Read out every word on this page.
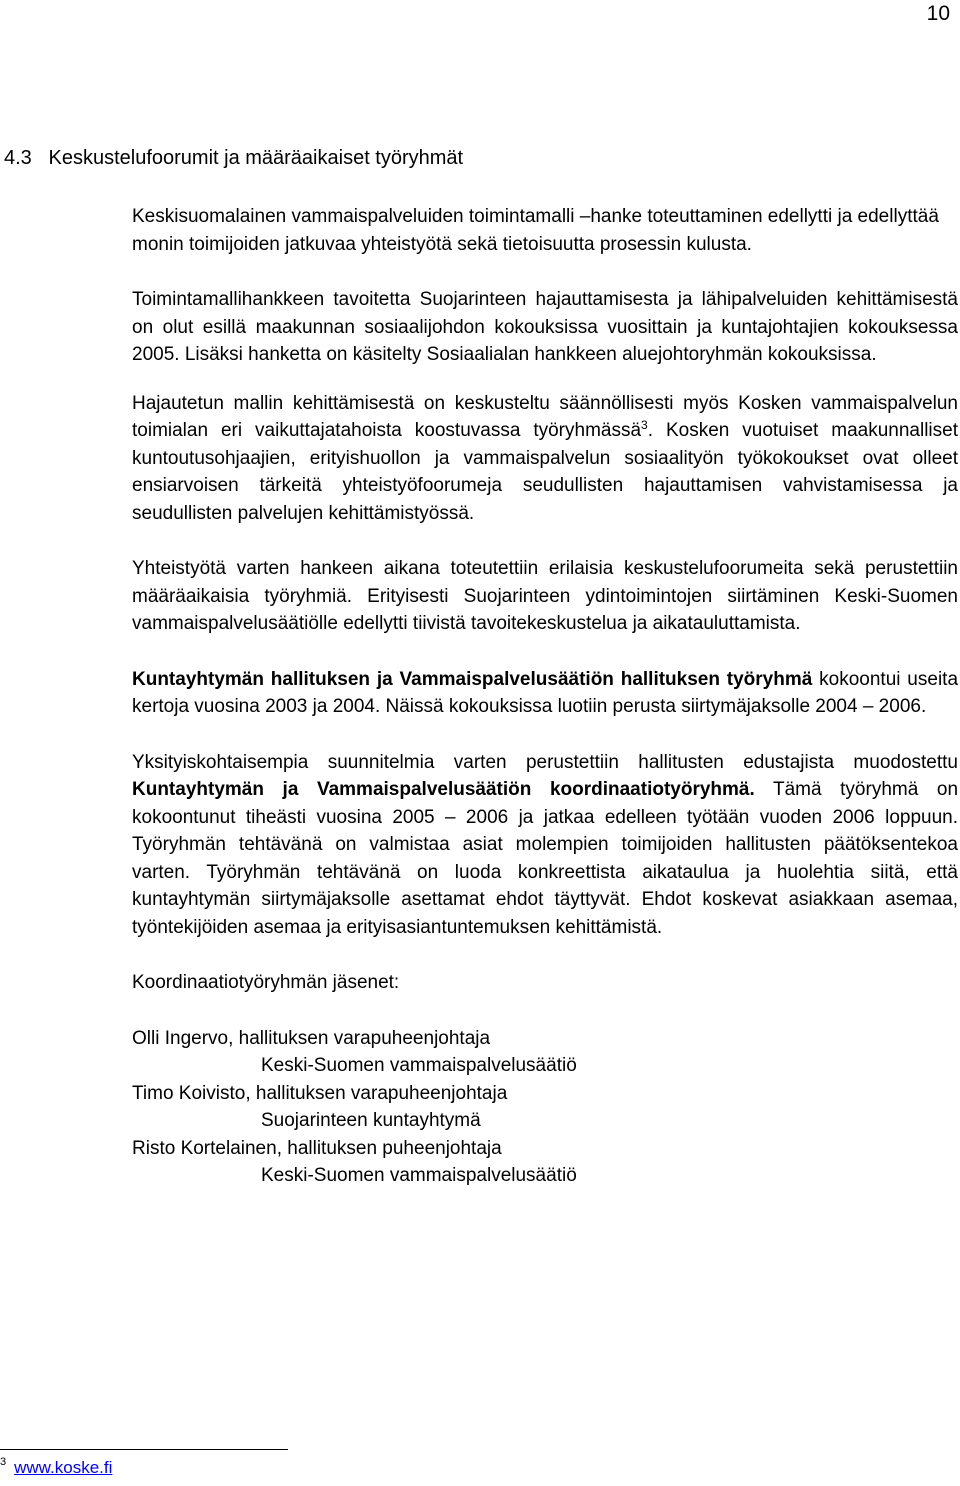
10
4.3 Keskustelufoorumit ja määräaikaiset työryhmät

Keskisuomalainen vammaispalveluiden toimintamalli –hanke toteuttaminen edellytti ja edellyttää monin toimijoiden jatkuvaa yhteistyötä sekä tietoisuutta prosessin kulusta.

Toimintamallihankkeen tavoitetta Suojarinteen hajauttamisesta ja lähipalveluiden kehittämisestä on olut esillä maakunnan sosiaalijohdon kokouksissa vuosittain ja kuntajohtajien kokouksessa 2005. Lisäksi hanketta on käsitelty Sosiaalialan hankkeen aluejohtoryhmän kokouksissa.

Hajautetun mallin kehittämisestä on keskusteltu säännöllisesti myös Kosken vammaispalvelun toimialan eri vaikuttajatahoista koostuvassa työryhmässä$^3$. Kosken vuotuiset maakunnalliset kuntoutusohjaajien, erityishuollon ja vammaispalvelun sosiaalityön työkokoukset ovat olleet ensiarvoisen tärkeitä yhteistyöfoorumeja seudullisten hajauttamisen vahvistamisessa ja seudullisten palvelujen kehittämistyössä.

Yhteistyötä varten hankeen aikana toteutettiin erilaisia keskustelufoorumeita sekä perustettiin määräaikaisia työryhmiä. Erityisesti Suojarinteen ydintoimintojen siirtäminen Keski-Suomen vammaispalvelusäätiölle edellytti tiivistä tavoitekeskustelua ja aikatauluttamista.

Kuntayhtymän hallituksen ja Vammaispalvelusäätiön hallituksen työryhmä kokoontui useita kertoja vuosina 2003 ja 2004. Näissä kokouksissa luotiin perusta siirtymäjaksolle 2004 – 2006.

Yksityiskohtaisempia suunnitelmia varten perustettiin hallitusten edustajista muodostettu Kuntayhtymän ja Vammaispalvelusäätiön koordinaatiotyöryhmä. Tämä työryhmä on kokoontunut tiheästi vuosina 2005 – 2006 ja jatkaa edelleen työtään vuoden 2006 loppuun. Työryhmän tehtävänä on valmistaa asiat molempien toimijoiden hallitusten päätöksentekoa varten. Työryhmän tehtävänä on luoda konkreettista aikataulua ja huolehtia siitä, että kuntayhtymän siirtymäjaksolle asettamat ehdot täyttyvät. Ehdot koskevat asiakkaan asemaa, työntekijöiden asemaa ja erityisasiantuntemuksen kehittämistä.

Koordinaatiotyöryhmän jäsenet:

Olli Ingervo, hallituksen varapuheenjohtaja
Keski-Suomen vammaispalvelusäätiö
Timo Koivisto, hallituksen varapuheenjohtaja
Suojarinteen kuntayhtymä
Risto Kortelainen, hallituksen puheenjohtaja
Keski-Suomen vammaispalvelusäätiö
$^3$ www.koske.fi
